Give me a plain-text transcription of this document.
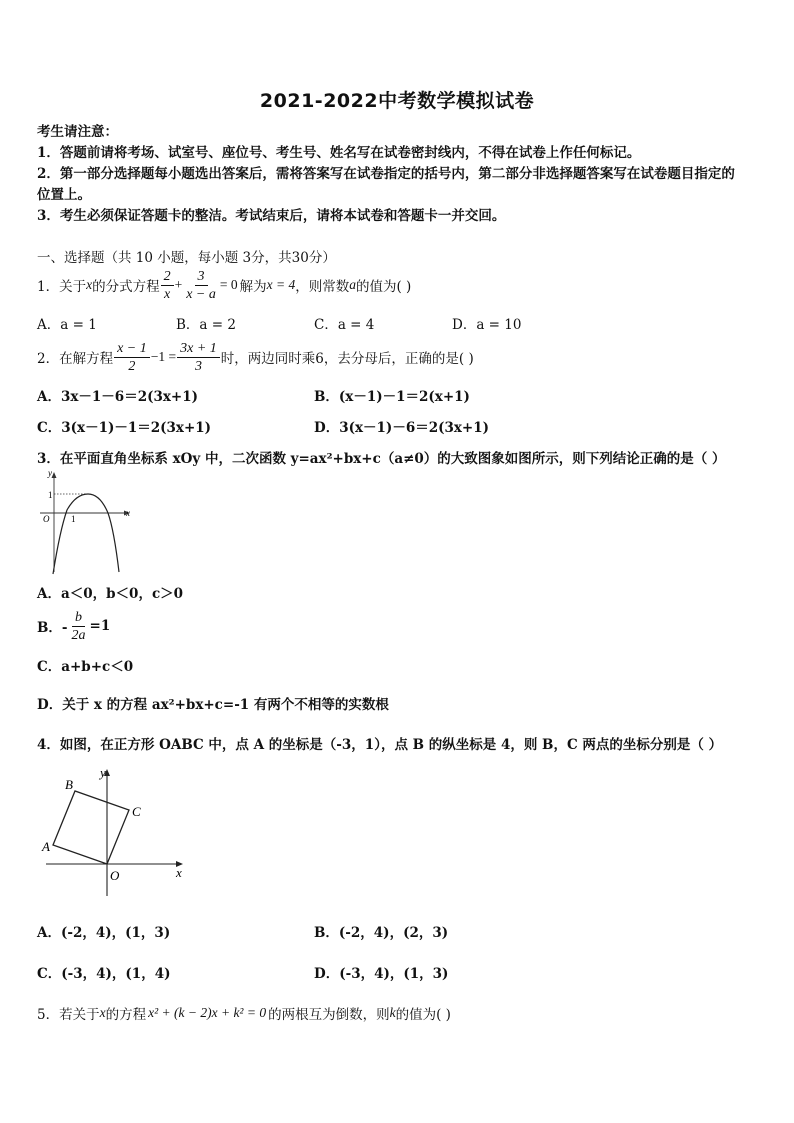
2021-2022中考数学模拟试卷
考生请注意：
1．答题前请将考场、试室号、座位号、考生号、姓名写在试卷密封线内，不得在试卷上作任何标记。
2．第一部分选择题每小题选出答案后，需将答案写在试卷指定的括号内，第二部分非选择题答案写在试卷题目指定的
位置上。
3．考生必须保证答题卡的整洁。考试结束后，请将本试卷和答题卡一并交回。
一、选择题（共 10 小题，每小题 3分，共30分）
1．关于 x 的分式方程 $\frac{2}{x} + \frac{3}{x - a} = 0$ 解为 x = 4 ，则常数 a 的值为( )
A．a = 1	B．a = 2	C．a = 4	D．a = 10
2．在解方程 $\frac{x - 1}{2} -1 = \frac{3x + 1}{3}$ 时，两边同时乘6，去分母后，正确的是( )
A．3x－1－6＝2(3x+1)	B．(x－1)－1＝2(x+1)
C．3(x－1)－1＝2(3x+1)	D．3(x－1)－6＝2(3x+1)
3．在平面直角坐标系 xOy 中，二次函数 y=ax²+bx+c（a≠0）的大致图象如图所示，则下列结论正确的是（ ）
y
x
O
1
1
A．a＜0，b＜0，c＞0
B．- $\frac{b}{2a} =1$
C．a+b+c＜0
D．关于 x 的方程 ax²+bx+c=-1 有两个不相等的实数根
4．如图，在正方形 OABC 中，点 A 的坐标是（-3，1），点 B 的纵坐标是 4，则 B，C 两点的坐标分别是（ ）
y
x
O
A
B
C
A．(-2，4)，(1，3)	B．(-2，4)，(2，3)
C．(-3，4)，(1，4)	D．(-3，4)，(1，3)
5．若关于 x 的方程 x² + (k − 2)x + k² = 0 的两根互为倒数，则 k 的值为( )
